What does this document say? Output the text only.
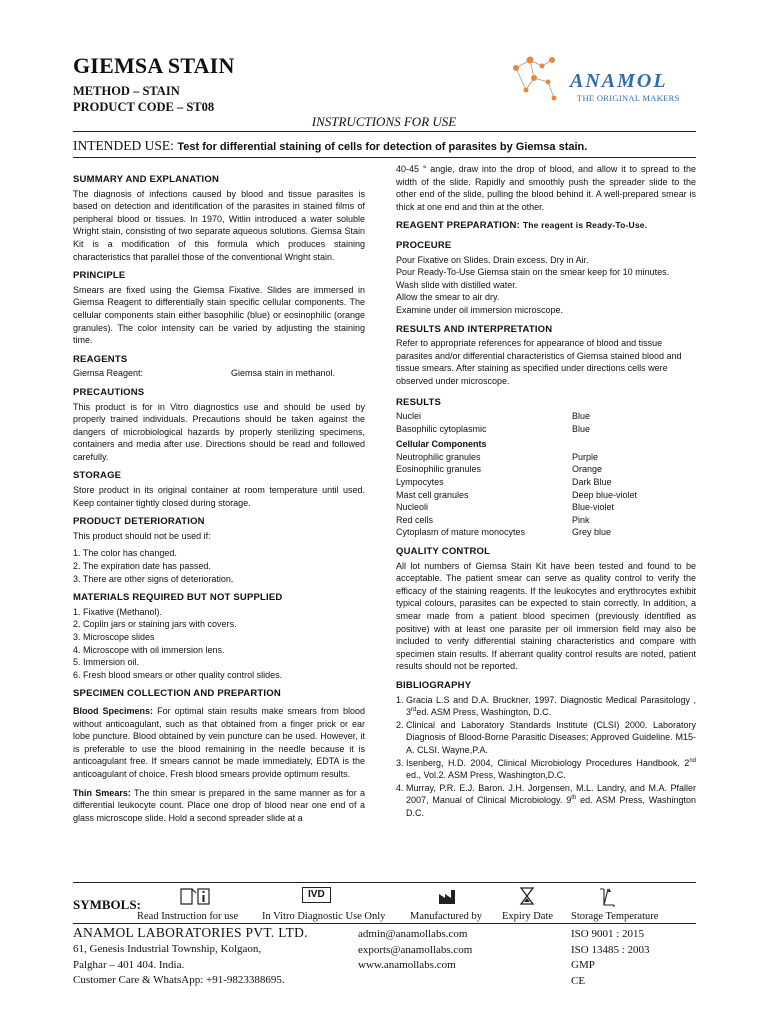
GIEMSA STAIN
METHOD – STAIN
PRODUCT CODE – ST08
ANAMOL
THE ORIGINAL MAKERS
INSTRUCTIONS FOR USE
INTENDED USE: Test for differential staining of cells for detection of parasites by Giemsa stain.
SUMMARY AND EXPLANATION

The diagnosis of infections caused by blood and tissue parasites is based on detection and identification of the parasites in stained films of peripheral blood or tissues. In 1970, Witlin introduced a water soluble Wright stain, consisting of two separate aqueous solutions. Giemsa Stain Kit is a modification of this formula which produces staining characteristics that parallel those of the conventional Wright stain.

PRINCIPLE

Smears are fixed using the Giemsa Fixative. Slides are immersed in Giemsa Reagent to differentially stain specific cellular components. The cellular components stain either basophilic (blue) or eosinophilic (orange granules). The color intensity can be varied by adjusting the staining time.

REAGENTS
Giemsa Reagent:	Giemsa stain in methanol.
PRECAUTIONS

This product is for in Vitro diagnostics use and should be used by properly trained individuals. Precautions should be taken against the dangers of microbiological hazards by properly sterilizing specimens, containers and media after use. Directions should be read and followed carefully.

STORAGE

Store product in its original container at room temperature until used. Keep container tightly closed during storage.

PRODUCT DETERIORATION

This product should not be used if:

1. The color has changed.
2. The expiration date has passed.
3. There are other signs of deterioration.
MATERIALS REQUIRED BUT NOT SUPPLIED
1. Fixative (Methanol).
2. Coplin jars or staining jars with covers.
3. Microscope slides
4. Microscope with oil immersion lens.
5. Immersion oil.
6. Fresh blood smears or other quality control slides.
SPECIMEN COLLECTION AND PREPARTION

Blood Specimens: For optimal stain results make smears from blood without anticoagulant, such as that obtained from a finger prick or ear lobe puncture. Blood obtained by vein puncture can be used. However, it is preferable to use the blood remaining in the needle because it is anticoagulant free. If smears cannot be made immediately, EDTA is the anticoagulant of choice. Fresh blood smears provide optimum results.

Thin Smears: The thin smear is prepared in the same manner as for a differential leukocyte count. Place one drop of blood near one end of a glass microscope slide. Hold a second spreader slide at a

40-45 ° angle, draw into the drop of blood, and allow it to spread to the width of the slide. Rapidly and smoothly push the spreader slide to the other end of the slide, pulling the blood behind it. A well-prepared smear is thick at one end and thin at the other.

REAGENT PREPARATION: The reagent is Ready-To-Use.
PROCEURE
Pour Fixative on Slides. Drain excess. Dry in Air.
Pour Ready-To-Use Giemsa stain on the smear keep for 10 minutes.
Wash slide with distilled water.
Allow the smear to air dry.
Examine under oil immersion microscope.
RESULTS AND INTERPRETATION

Refer to appropriate references for appearance of blood and tissue parasites and/or differential characteristics of Giemsa stained blood and tissue smears. After staining as specified under directions cells were observed under microscope.

RESULTS
Nuclei	Blue
Basophilic cytoplasmic	Blue
Cellular Components
Neutrophilic granules	Purple
Eosinophilic granules	Orange
Lympocytes	Dark Blue
Mast cell granules	Deep blue-violet
Nucleoli	Blue-violet
Red cells	Pink
Cytoplasm of mature monocytes	Grey blue
QUALITY CONTROL

All lot numbers of Giemsa Stain Kit have been tested and found to be acceptable. The patient smear can serve as quality control to verify the efficacy of the staining reagents. If the leukocytes and erythrocytes exhibit typical colours, parasites can be expected to stain correctly. In addition, a smear made from a patient blood specimen (previously identified as positive) with at least one parasite per oil immersion field may also be included to verify differential staining characteristics and compare with specimen stain results. If aberrant quality control results are noted, patient results should not be reported.

BIBLIOGRAPHY
1. Gracia L.S and D.A. Bruckner, 1997. Diagnostic Medical Parasitology , 3rded. ASM Press, Washington, D.C.
2. Clinical and Laboratory Standards Institute (CLSI) 2000. Laboratory Diagnosis of Blood-Borne Parasitic Diseases; Approved Guideline. M15-A. CLSI. Wayne,P.A.
3. Isenberg, H.D. 2004, Clinical Microbiology Procedures Handbook. 2nd ed., Vol.2. ASM Press, Washington,D.C.
4. Murray, P.R. E.J. Baron. J.H. Jorgensen, M.L. Landry, and M.A. Pfaller 2007, Manual of Clinical Microbiology. 9th ed. ASM Press, Washington D.C.
SYMBOLS:
IVD
Read Instruction for use In Vitro Diagnostic Use Only Manufactured by Expiry Date Storage Temperature
ANAMOL LABORATORIES PVT. LTD.
61, Genesis Industrial Township, Kolgaon,
Palghar – 401 404. India.
Customer Care & WhatsApp: +91-9823388695.
admin@anamollabs.com
exports@anamollabs.com
www.anamollabs.com
ISO 9001 : 2015
ISO 13485 : 2003
GMP
CE
